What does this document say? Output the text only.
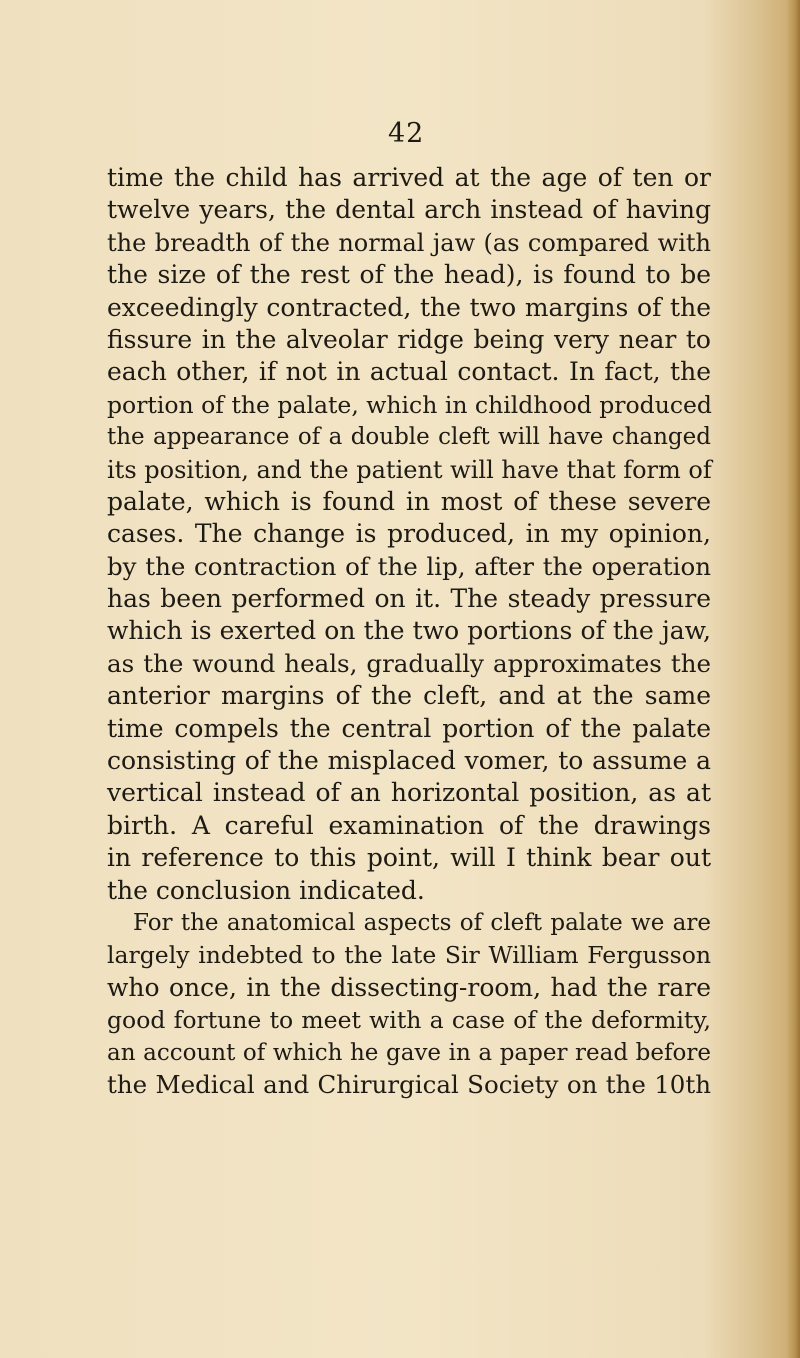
42
time the child has arrived at the age of ten or
twelve years, the dental arch instead of having
the breadth of the normal jaw (as compared with
the size of the rest of the head), is found to be
exceedingly contracted, the two margins of the
fissure in the alveolar ridge being very near to
each other, if not in actual contact. In fact, the
portion of the palate, which in childhood produced
the appearance of a double cleft will have changed
its position, and the patient will have that form of
palate, which is found in most of these severe
cases. The change is produced, in my opinion,
by the contraction of the lip, after the operation
has been performed on it. The steady pressure
which is exerted on the two portions of the jaw,
as the wound heals, gradually approximates the
anterior margins of the cleft, and at the same
time compels the central portion of the palate
consisting of the misplaced vomer, to assume a
vertical instead of an horizontal position, as at
birth. A careful examination of the drawings
in reference to this point, will I think bear out
the conclusion indicated.
For the anatomical aspects of cleft palate we are
largely indebted to the late Sir William Fergusson
who once, in the dissecting-room, had the rare
good fortune to meet with a case of the deformity,
an account of which he gave in a paper read before
the Medical and Chirurgical Society on the 10th
